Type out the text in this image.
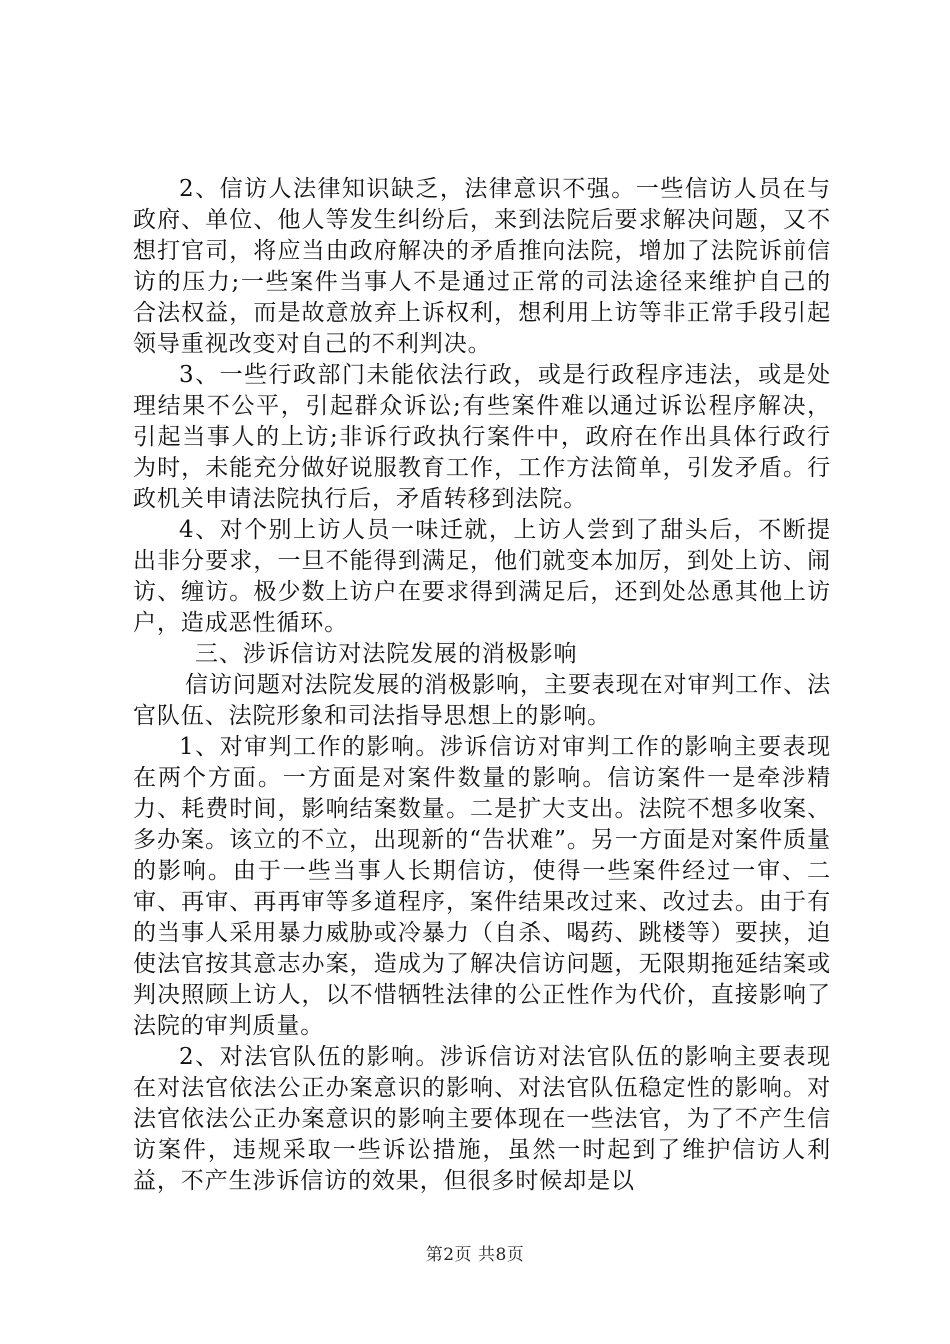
2、信访人法律知识缺乏，法律意识不强。一些信访人员在与政府、单位、他人等发生纠纷后，来到法院后要求解决问题，又不想打官司，将应当由政府解决的矛盾推向法院，增加了法院诉前信访的压力;一些案件当事人不是通过正常的司法途径来维护自己的合法权益，而是故意放弃上诉权利，想利用上访等非正常手段引起领导重视改变对自己的不利判决。

3、一些行政部门未能依法行政，或是行政程序违法，或是处理结果不公平，引起群众诉讼;有些案件难以通过诉讼程序解决，引起当事人的上访;非诉行政执行案件中，政府在作出具体行政行为时，未能充分做好说服教育工作，工作方法简单，引发矛盾。行政机关申请法院执行后，矛盾转移到法院。

4、对个别上访人员一味迁就，上访人尝到了甜头后，不断提出非分要求，一旦不能得到满足，他们就变本加厉，到处上访、闹访、缠访。极少数上访户在要求得到满足后，还到处怂恿其他上访户，造成恶性循环。

三、涉诉信访对法院发展的消极影响

信访问题对法院发展的消极影响，主要表现在对审判工作、法官队伍、法院形象和司法指导思想上的影响。

1、对审判工作的影响。涉诉信访对审判工作的影响主要表现在两个方面。一方面是对案件数量的影响。信访案件一是牵涉精力、耗费时间，影响结案数量。二是扩大支出。法院不想多收案、多办案。该立的不立，出现新的“告状难”。另一方面是对案件质量的影响。由于一些当事人长期信访，使得一些案件经过一审、二审、再审、再再审等多道程序，案件结果改过来、改过去。由于有的当事人采用暴力威胁或冷暴力（自杀、喝药、跳楼等）要挟，迫使法官按其意志办案，造成为了解决信访问题，无限期拖延结案或判决照顾上访人，以不惜牺牲法律的公正性作为代价，直接影响了法院的审判质量。

2、对法官队伍的影响。涉诉信访对法官队伍的影响主要表现在对法官依法公正办案意识的影响、对法官队伍稳定性的影响。对法官依法公正办案意识的影响主要体现在一些法官，为了不产生信访案件，违规采取一些诉讼措施，虽然一时起到了维护信访人利益，不产生涉诉信访的效果，但很多时候却是以

第2页 共8页
